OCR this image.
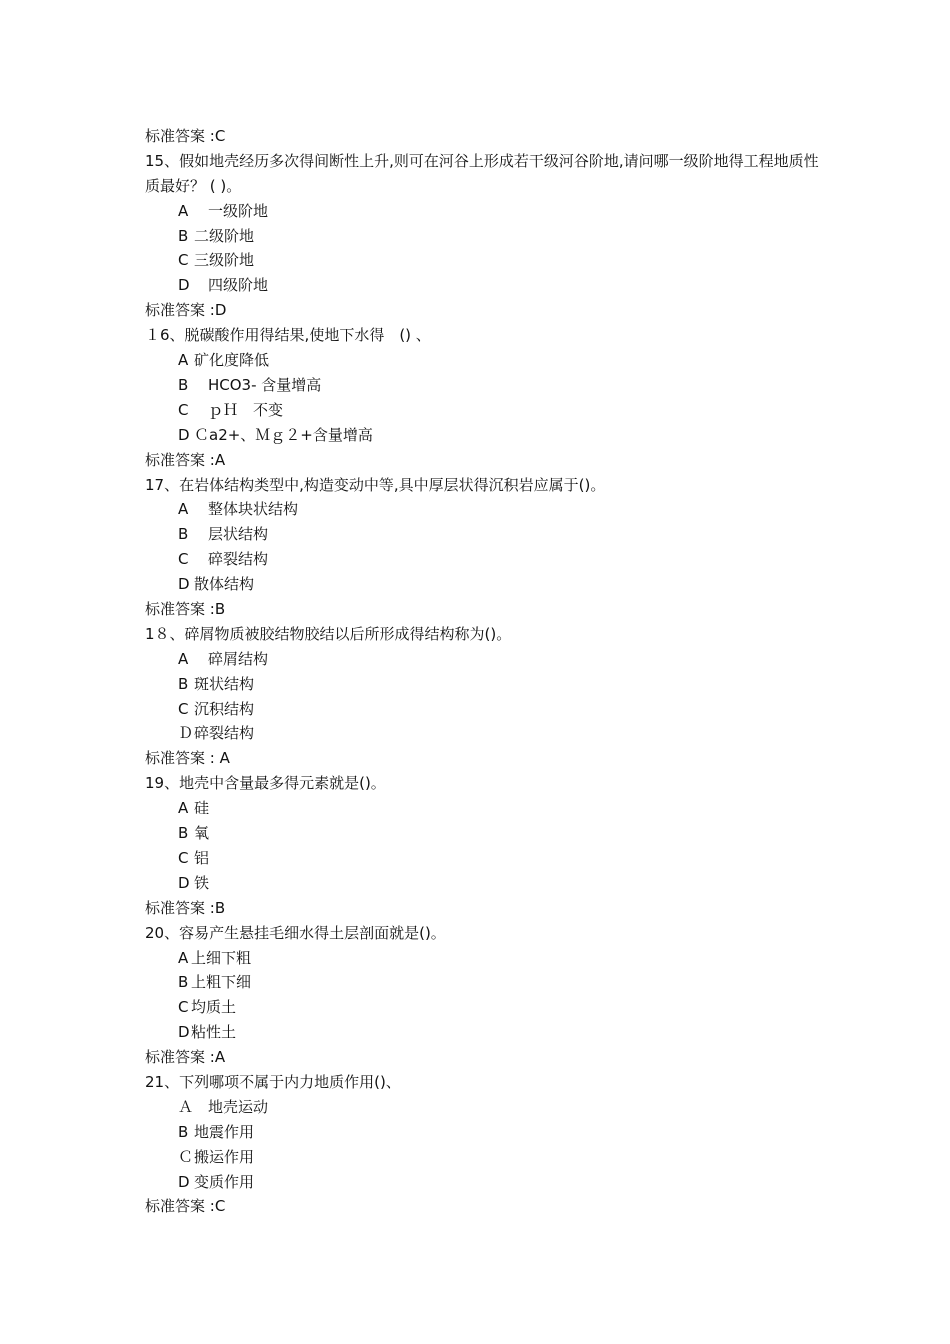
标准答案 :C
15、假如地壳经历多次得间断性上升,则可在河谷上形成若干级河谷阶地,请问哪一级阶地得工程地质性质最好？ ( )。
A 一级阶地
B 二级阶地
C 三级阶地
D 四级阶地
标准答案 :D
１6、脱碳酸作用得结果,使地下水得　() 、
A 矿化度降低
B HCO3- 含量增高
C ｐＨ　不变
D Ｃa2+、Ｍｇ２+含量增高
标准答案 :A
17、在岩体结构类型中,构造变动中等,具中厚层状得沉积岩应属于()。
A 整体块状结构
B 层状结构
C 碎裂结构
D 散体结构
标准答案 :B
1８、碎屑物质被胶结物胶结以后所形成得结构称为()。
A 碎屑结构
B 斑状结构
C 沉积结构
Ｄ碎裂结构
标准答案 : A
19、地壳中含量最多得元素就是()。
A 硅
B 氧
C 铝
D 铁
标准答案 :B
20、容易产生悬挂毛细水得土层剖面就是()。
A 上细下粗
B 上粗下细
C 均质土
D粘性土
标准答案 :A
21、下列哪项不属于内力地质作用()、
Ａ 地壳运动
B 地震作用
Ｃ搬运作用
D 变质作用
标准答案 :C
